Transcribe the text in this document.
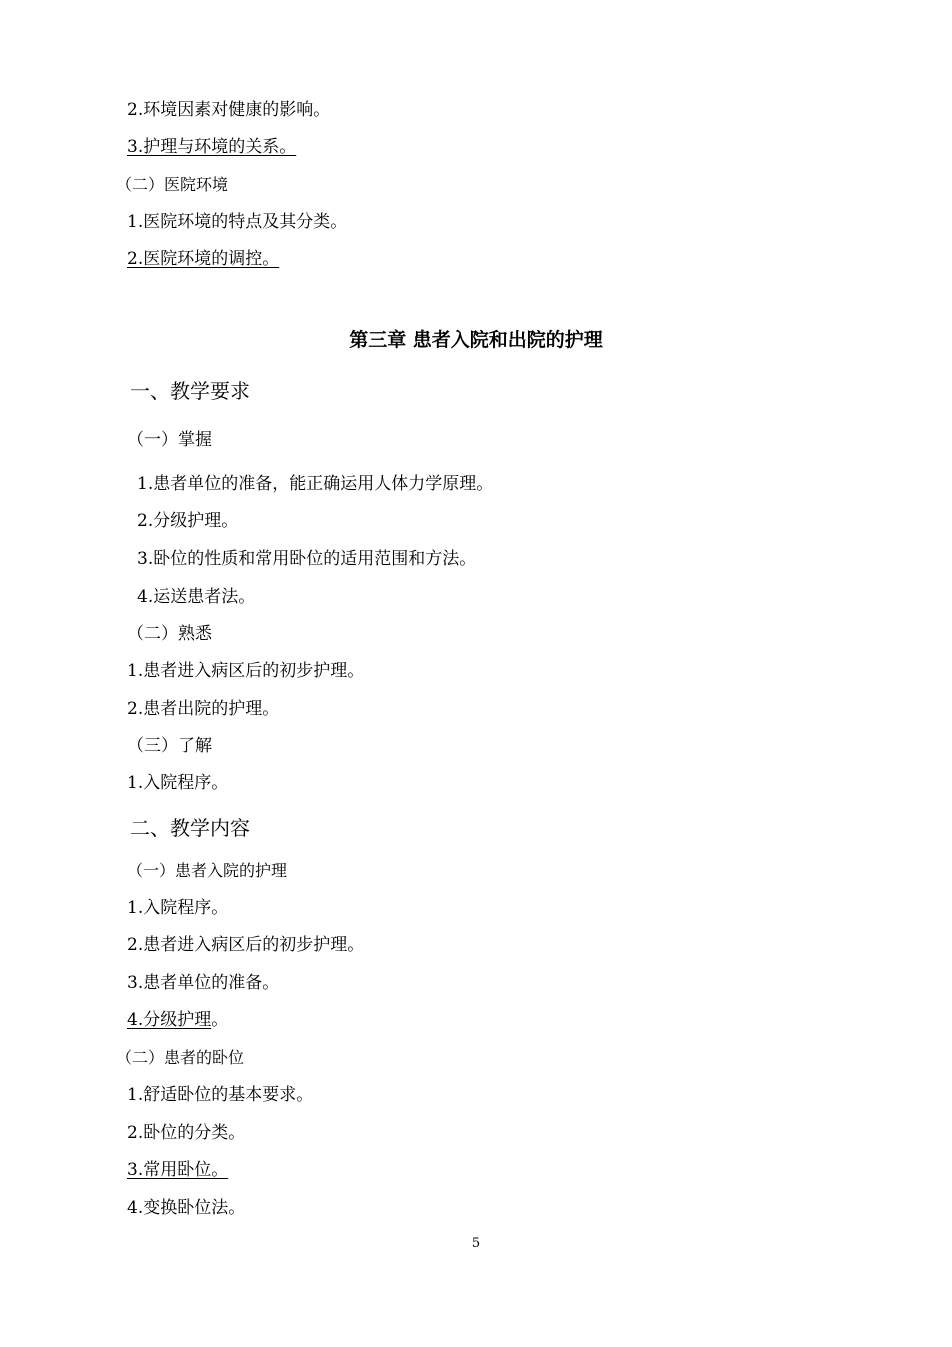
2.环境因素对健康的影响。
3.护理与环境的关系。
（二）医院环境
1.医院环境的特点及其分类。
2.医院环境的调控。
第三章 患者入院和出院的护理
一、教学要求
（一）掌握
1.患者单位的准备，能正确运用人体力学原理。
2.分级护理。
3.卧位的性质和常用卧位的适用范围和方法。
4.运送患者法。
（二）熟悉
1.患者进入病区后的初步护理。
2.患者出院的护理。
（三）了解
1.入院程序。
二、教学内容
（一）患者入院的护理
1.入院程序。
2.患者进入病区后的初步护理。
3.患者单位的准备。
4.分级护理。
（二）患者的卧位
1.舒适卧位的基本要求。
2.卧位的分类。
3.常用卧位。
4.变换卧位法。
5
